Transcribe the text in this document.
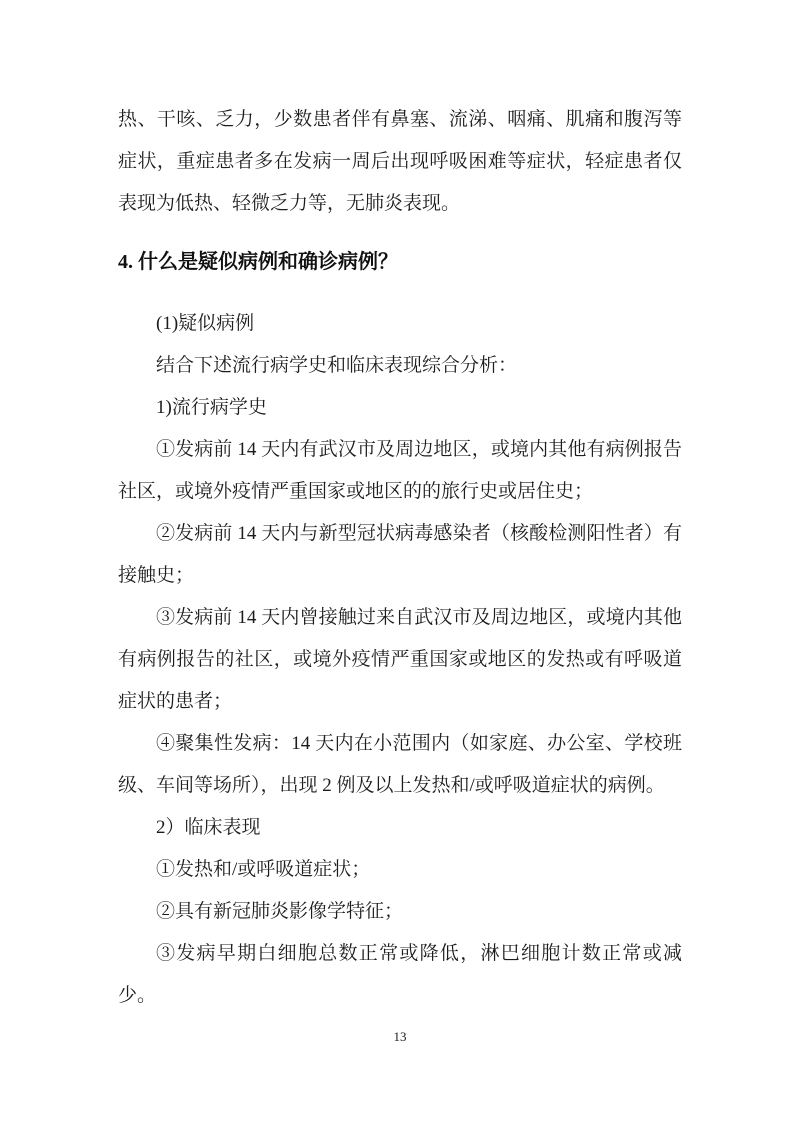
热、干咳、乏力，少数患者伴有鼻塞、流涕、咽痛、肌痛和腹泻等症状，重症患者多在发病一周后出现呼吸困难等症状，轻症患者仅表现为低热、轻微乏力等，无肺炎表现。

4. 什么是疑似病例和确诊病例？

(1)疑似病例

结合下述流行病学史和临床表现综合分析：

1)流行病学史

①发病前 14 天内有武汉市及周边地区，或境内其他有病例报告社区，或境外疫情严重国家或地区的的旅行史或居住史；

②发病前 14 天内与新型冠状病毒感染者（核酸检测阳性者）有接触史；

③发病前 14 天内曾接触过来自武汉市及周边地区，或境内其他有病例报告的社区，或境外疫情严重国家或地区的发热或有呼吸道症状的患者；

④聚集性发病：14 天内在小范围内（如家庭、办公室、学校班级、车间等场所），出现 2 例及以上发热和/或呼吸道症状的病例。

2）临床表现

①发热和/或呼吸道症状；

②具有新冠肺炎影像学特征；

③发病早期白细胞总数正常或降低，淋巴细胞计数正常或减少。

13
